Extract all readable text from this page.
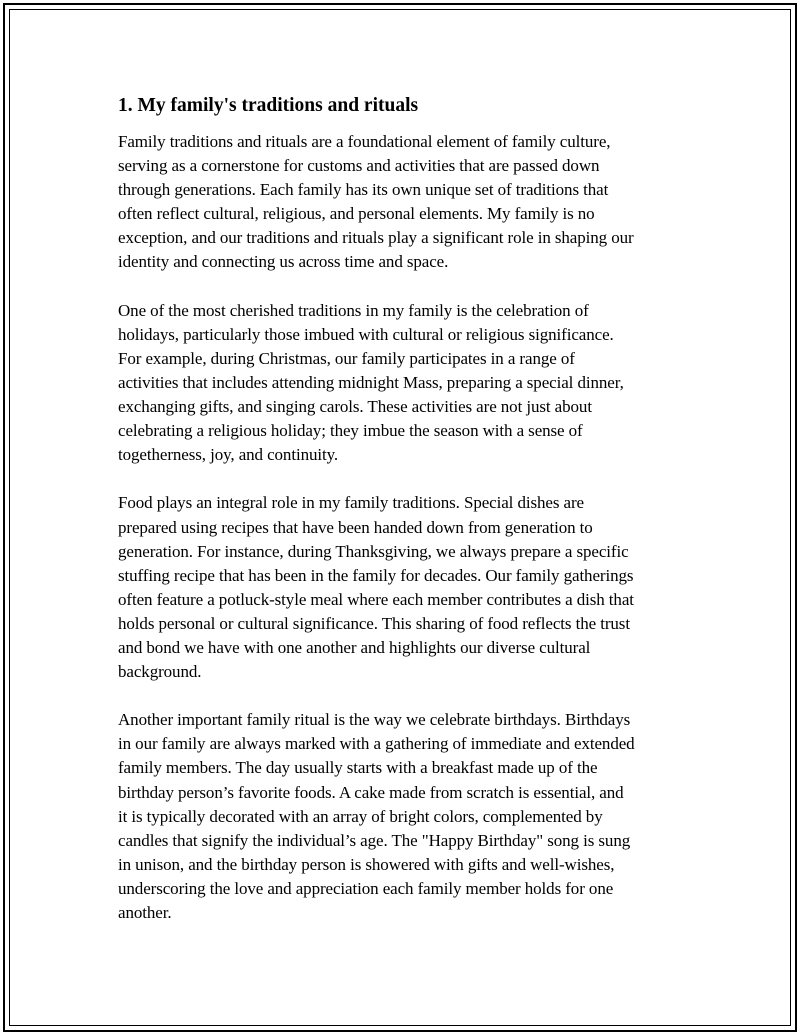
1. My family's traditions and rituals

Family traditions and rituals are a foundational element of family culture,
serving as a cornerstone for customs and activities that are passed down
through generations. Each family has its own unique set of traditions that
often reflect cultural, religious, and personal elements. My family is no
exception, and our traditions and rituals play a significant role in shaping our
identity and connecting us across time and space.

One of the most cherished traditions in my family is the celebration of
holidays, particularly those imbued with cultural or religious significance.
For example, during Christmas, our family participates in a range of
activities that includes attending midnight Mass, preparing a special dinner,
exchanging gifts, and singing carols. These activities are not just about
celebrating a religious holiday; they imbue the season with a sense of
togetherness, joy, and continuity.

Food plays an integral role in my family traditions. Special dishes are
prepared using recipes that have been handed down from generation to
generation. For instance, during Thanksgiving, we always prepare a specific
stuffing recipe that has been in the family for decades. Our family gatherings
often feature a potluck-style meal where each member contributes a dish that
holds personal or cultural significance. This sharing of food reflects the trust
and bond we have with one another and highlights our diverse cultural
background.

Another important family ritual is the way we celebrate birthdays. Birthdays
in our family are always marked with a gathering of immediate and extended
family members. The day usually starts with a breakfast made up of the
birthday person’s favorite foods. A cake made from scratch is essential, and
it is typically decorated with an array of bright colors, complemented by
candles that signify the individual’s age. The "Happy Birthday" song is sung
in unison, and the birthday person is showered with gifts and well-wishes,
underscoring the love and appreciation each family member holds for one
another.
